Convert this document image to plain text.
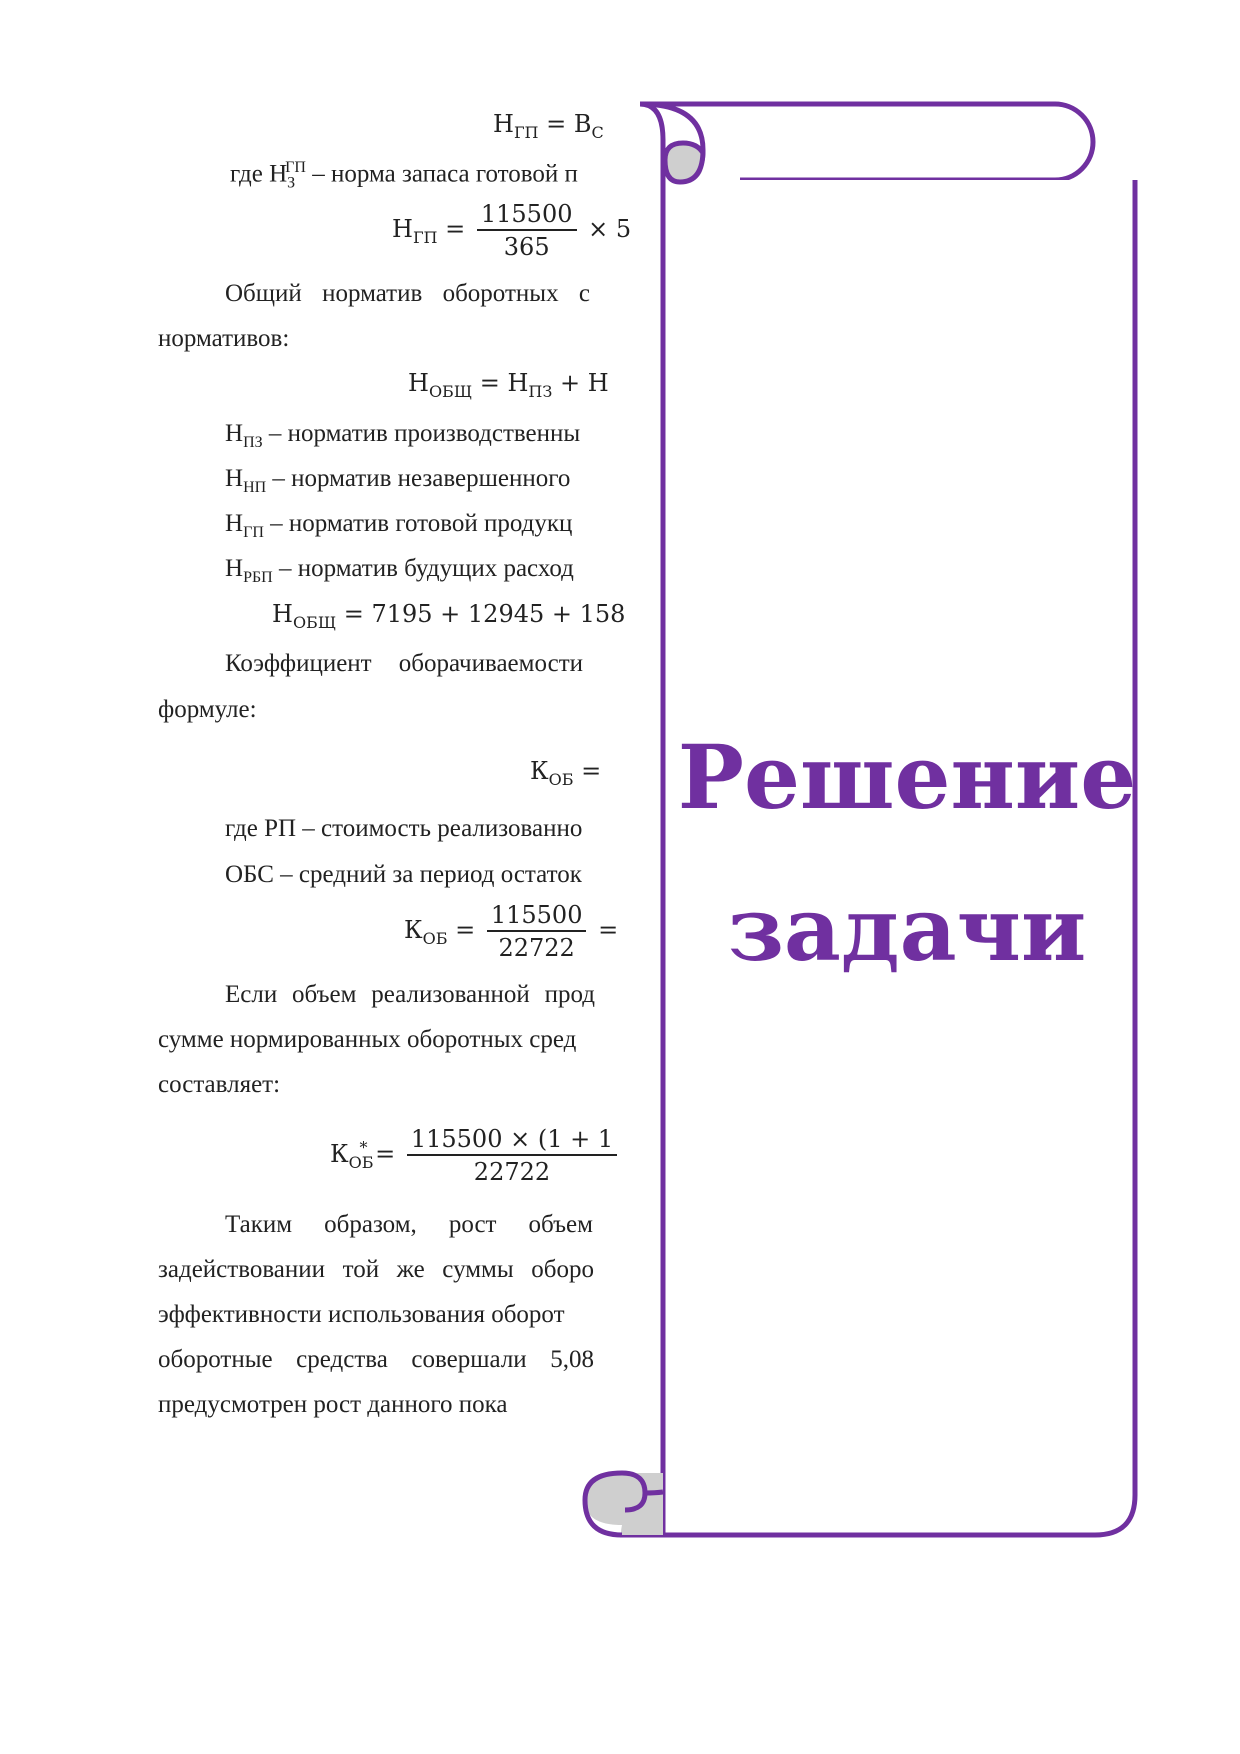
$Н_{ГП} = В_С$
где $Н_З^{ГП}$ – норма запаса готовой п
$Н_{ГП} = \frac{115500}{365} \times 5$
Общий норматив оборотных с
нормативов:
$Н_{ОБЩ} = Н_{ПЗ} + Н$
$Н_{ПЗ}$ – норматив производственны
$Н_{НП}$ – норматив незавершенного
$Н_{ГП}$ – норматив готовой продукц
$Н_{РБП}$ – норматив будущих расход
$Н_{ОБЩ} = 7195 + 12945 + 158$
Коэффициент оборачиваемости
формуле:
$К_{ОБ}$ =
где РП – стоимость реализованно
ОБС – средний за период остаток
$К_{ОБ} = \frac{115500}{22722}$ =
Если объем реализованной прод
сумме нормированных оборотных сред
составляет:
$К_{ОБ}^* = \frac{115500 \times (1 + 1}{22722}$
Таким образом, рост объем
задействовании той же суммы оборо
эффективности использования оборот
оборотные средства совершали 5,08
предусмотрен рост данного пока
Решение
задачи
